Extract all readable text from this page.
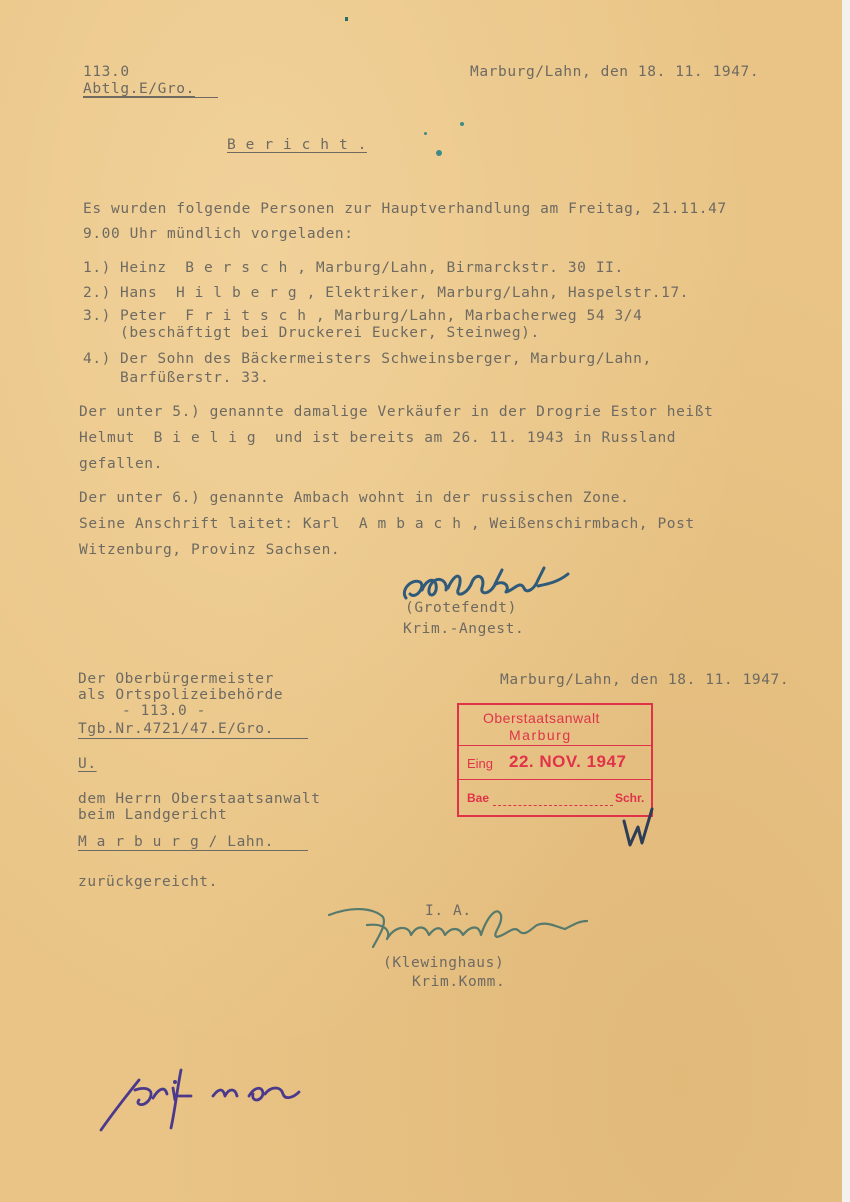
113.0
Abtlg.E/Gro.
Marburg/Lahn, den 18. 11. 1947.
B e r i c h t .
Es wurden folgende Personen zur Hauptverhandlung am Freitag, 21.11.47
9.00 Uhr mündlich vorgeladen:
1.) Heinz  B e r s c h , Marburg/Lahn, Birmarckstr. 30 II.
2.) Hans  H i l b e r g , Elektriker, Marburg/Lahn, Haspelstr.17.
3.) Peter  F r i t s c h , Marburg/Lahn, Marbacherweg 54 3/4
(beschäftigt bei Druckerei Eucker, Steinweg).
4.) Der Sohn des Bäckermeisters Schweinsberger, Marburg/Lahn,
Barfüßerstr. 33.
Der unter 5.) genannte damalige Verkäufer in der Drogrie Estor heißt
Helmut  B i e l i g  und ist bereits am 26. 11. 1943 in Russland
gefallen.
Der unter 6.) genannte Ambach wohnt in der russischen Zone.
Seine Anschrift laitet: Karl  A m b a c h , Weißenschirmbach, Post
Witzenburg, Provinz Sachsen.
(Grotefendt)
Krim.-Angest.
Der Oberbürgermeister
als Ortspolizeibehörde
- 113.0 -
Tgb.Nr.4721/47.E/Gro.
Marburg/Lahn, den 18. 11. 1947.
U.
dem Herrn Oberstaatsanwalt
beim Landgericht
M a r b u r g / Lahn.
zurückgereicht.
Oberstaatsanwalt
Marburg
Eing 22. NOV. 1947
Bae	Schr.
I. A.
(Klewinghaus)
Krim.Komm.
